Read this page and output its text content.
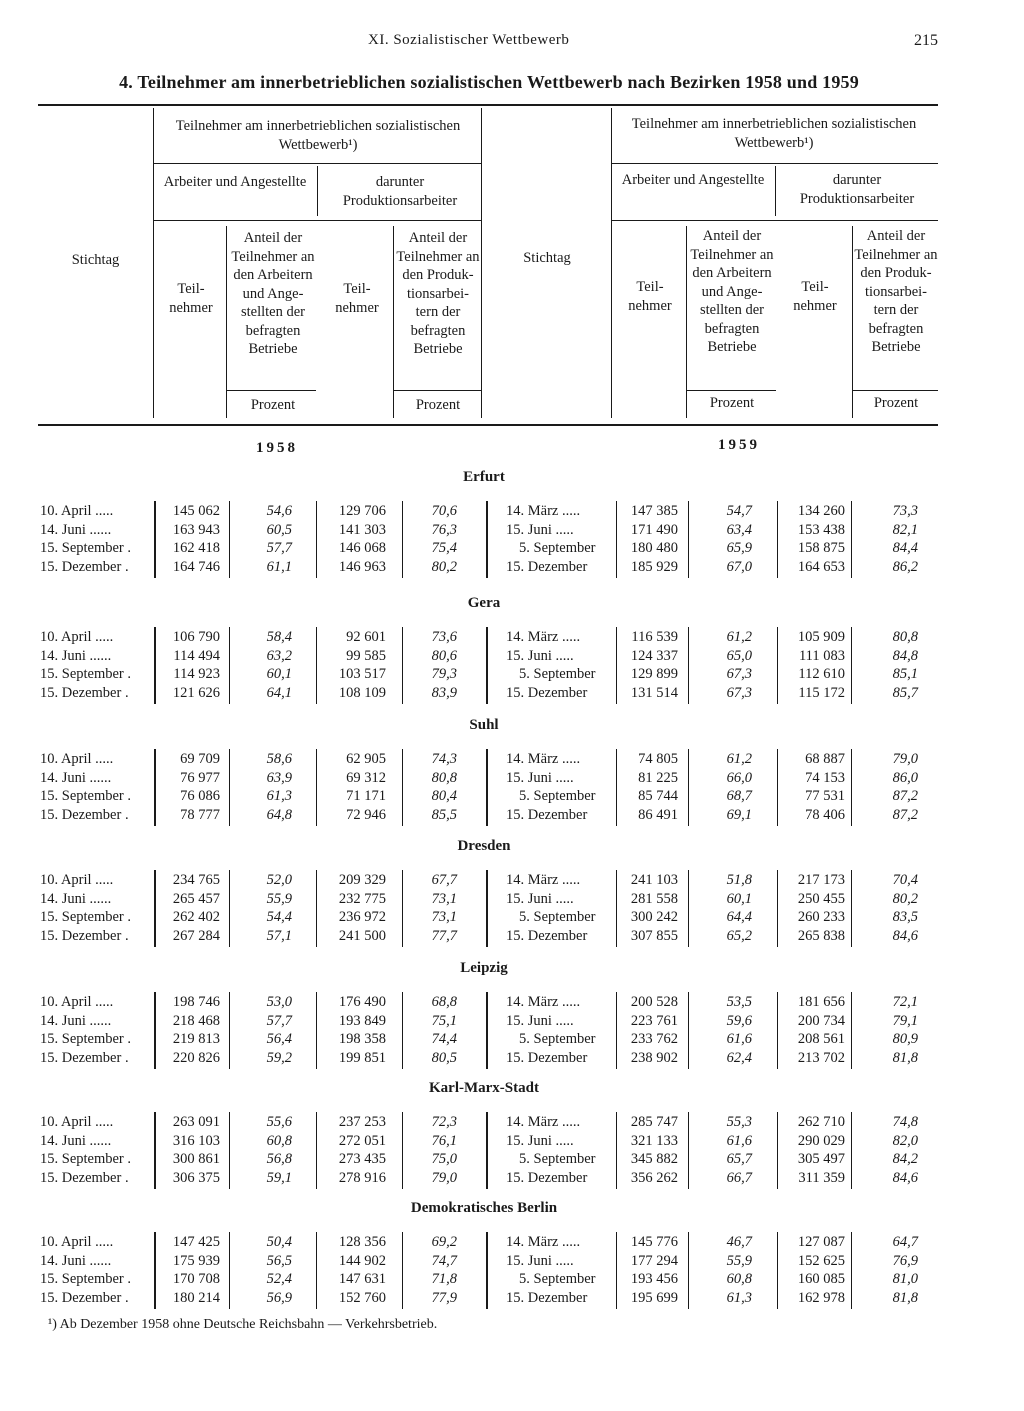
XI. Sozialistischer Wettbewerb	215
4. Teilnehmer am innerbetrieblichen sozialistischen Wettbewerb nach Bezirken 1958 und 1959
Stichtag
Teilnehmer am innerbetrieblichen sozialistischen Wettbewerb¹)
Arbeiter und Angestellte	darunter Produktionsarbeiter
Teil- nehmer
Anteil der Teilnehmer an den Arbeitern und Ange- stellten der befragten Betriebe
Teil- nehmer
Anteil der Teilnehmer an den Produk- tionsarbei- tern der befragten Betriebe
Prozent	Prozent
Stichtag
Teilnehmer am innerbetrieblichen sozialistischen Wettbewerb¹)
Arbeiter und Angestellte	darunter Produktionsarbeiter
Teil- nehmer
Anteil der Teilnehmer an den Arbeitern und Ange- stellten der befragten Betriebe
Teil- nehmer
Anteil der Teilnehmer an den Produk- tionsarbei- tern der befragten Betriebe
Prozent	Prozent
1958	1959
Erfurt
10. April .....	145 062	54,6	129 706	70,6	14. März .....	147 385	54,7	134 260	73,3
14. Juni ......	163 943	60,5	141 303	76,3	15. Juni .....	171 490	63,4	153 438	82,1
15. September .	162 418	57,7	146 068	75,4	5. September 180 480	65,9	158 875	84,4
15. Dezember .	164 746	61,1	146 963	80,2	15. Dezember	185 929	67,0	164 653	86,2
Gera
10. April .....	106 790	58,4	92 601	73,6	14. März .....	116 539	61,2	105 909	80,8
14. Juni ......	114 494	63,2	99 585	80,6	15. Juni .....	124 337	65,0	111 083	84,8
15. September .	114 923	60,1	103 517	79,3	5. September 129 899	67,3	112 610	85,1
15. Dezember .	121 626	64,1	108 109	83,9	15. Dezember	131 514	67,3	115 172	85,7
Suhl
10. April .....	69 709	58,6	62 905	74,3	14. März .....	74 805	61,2	68 887	79,0
14. Juni ......	76 977	63,9	69 312	80,8	15. Juni .....	81 225	66,0	74 153	86,0
15. September .	76 086	61,3	71 171	80,4	5. September	85 744	68,7	77 531	87,2
15. Dezember .	78 777	64,8	72 946	85,5	15. Dezember	86 491	69,1	78 406	87,2
Dresden
10. April .....	234 765	52,0	209 329	67,7	14. März .....	241 103	51,8	217 173	70,4
14. Juni ......	265 457	55,9	232 775	73,1	15. Juni .....	281 558	60,1	250 455	80,2
15. September .	262 402	54,4	236 972	73,1	5. September 300 242	64,4	260 233	83,5
15. Dezember .	267 284	57,1	241 500	77,7	15. Dezember	307 855	65,2	265 838	84,6
Leipzig
10. April .....	198 746	53,0	176 490	68,8	14. März .....	200 528	53,5	181 656	72,1
14. Juni ......	218 468	57,7	193 849	75,1	15. Juni .....	223 761	59,6	200 734	79,1
15. September .	219 813	56,4	198 358	74,4	5. September 233 762	61,6	208 561	80,9
15. Dezember .	220 826	59,2	199 851	80,5	15. Dezember	238 902	62,4	213 702	81,8
Karl-Marx-Stadt
10. April .....	263 091	55,6	237 253	72,3	14. März .....	285 747	55,3	262 710	74,8
14. Juni ......	316 103	60,8	272 051	76,1	15. Juni .....	321 133	61,6	290 029	82,0
15. September .	300 861	56,8	273 435	75,0	5. September 345 882	65,7	305 497	84,2
15. Dezember .	306 375	59,1	278 916	79,0	15. Dezember	356 262	66,7	311 359	84,6
Demokratisches Berlin
10. April .....	147 425	50,4	128 356	69,2	14. März .....	145 776	46,7	127 087	64,7
14. Juni ......	175 939	56,5	144 902	74,7	15. Juni .....	177 294	55,9	152 625	76,9
15. September .	170 708	52,4	147 631	71,8	5. September 193 456	60,8	160 085	81,0
15. Dezember .	180 214	56,9	152 760	77,9	15. Dezember	195 699	61,3	162 978	81,8
¹) Ab Dezember 1958 ohne Deutsche Reichsbahn — Verkehrsbetrieb.
